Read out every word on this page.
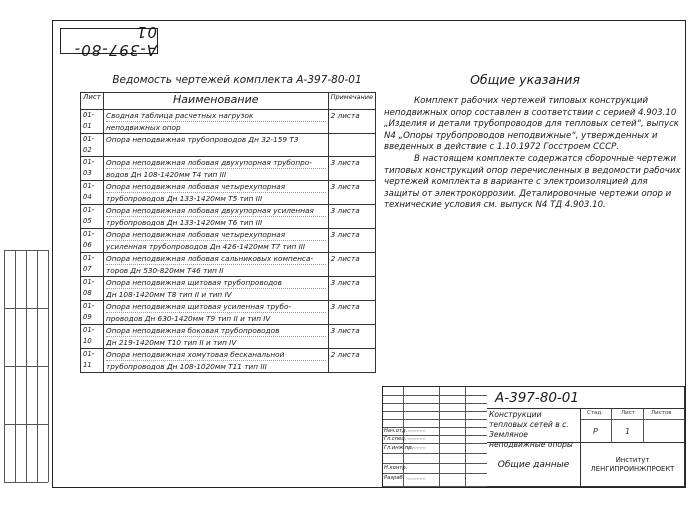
А-397-80-01
Ведомость чертежей комплекта А-397-80-01	Общие указания
Лист	Наименование	Примечание
01-01	Сводная таблица расчетных нагрузок
неподвижных опор	2 листа
01-02	Опора неподвижная трубопроводов Дн 32-159 Т3	

01-03	Опора неподвижная лобовая двухупорная трубопро-
водов Дн 108-1420мм Т4 тип III	3 листа
01-04	Опора неподвижная лобовая четырехупорная
трубопроводов Дн 133-1420мм Т5 тип III	3 листа
01-05	Опора неподвижная лобовая двухупорная усиленная
трубопроводов Дн 133-1420мм Т6 тип III	3 листа
01-06	Опора неподвижная лобовая четырехупорная
усиленная трубопроводов Дн 426-1420мм Т7 тип III	3 листа
01-07	Опора неподвижная лобовая сальниковых компенса-
торов Дн 530-820мм Т46 тип II	2 листа
01-08	Опора неподвижная щитовая трубопроводов
Дн 108-1420мм Т8 тип II и тип IV	3 листа
01-09	Опора неподвижная щитовая усиленная трубо-
проводов Дн 630-1420мм Т9 тип II и тип IV	3 листа
01-10	Опора неподвижная боковая трубопроводов
Дн 219-1420мм Т10 тип II и тип IV	3 листа
01-11	Опора неподвижная хомутовая бесканальной
трубопроводов Дн 108-1020мм Т11 тип III	2 листа

Комплект рабочих чертежей типовых конструкций неподвижных опор составлен в соответствии с серией 4.903.10 „Изделия и детали трубопроводов для тепловых сетей“, выпуск N4 „Опоры трубопроводов неподвижные“, утвержденных и введенных в действие с 1.10.1972 Госстроем СССР.

В настоящем комплекте содержатся сборочные чертежи типовых конструкций опор перечисленных в ведомости рабочих чертежей комплекта в варианте с электроизоляцией для защиты от электрокоррозии. Деталировочные чертежи опор и технические условия см. выпуск N4 ТД 4.903.10.

Нач.отд.
Гл.спец.
Гл.инж.пр.
Н.контр.
Разраб.
〰〰〰
〰〰〰
〰〰〰
〰〰〰
А-397-80-01
Конструкции тепловых сетей в с. Земляное неподвижные опоры
Стад.	Лист	Листов
Р	1
Общие данные	Институт
ЛЕНГИПРОИНЖПРОЕКТ
